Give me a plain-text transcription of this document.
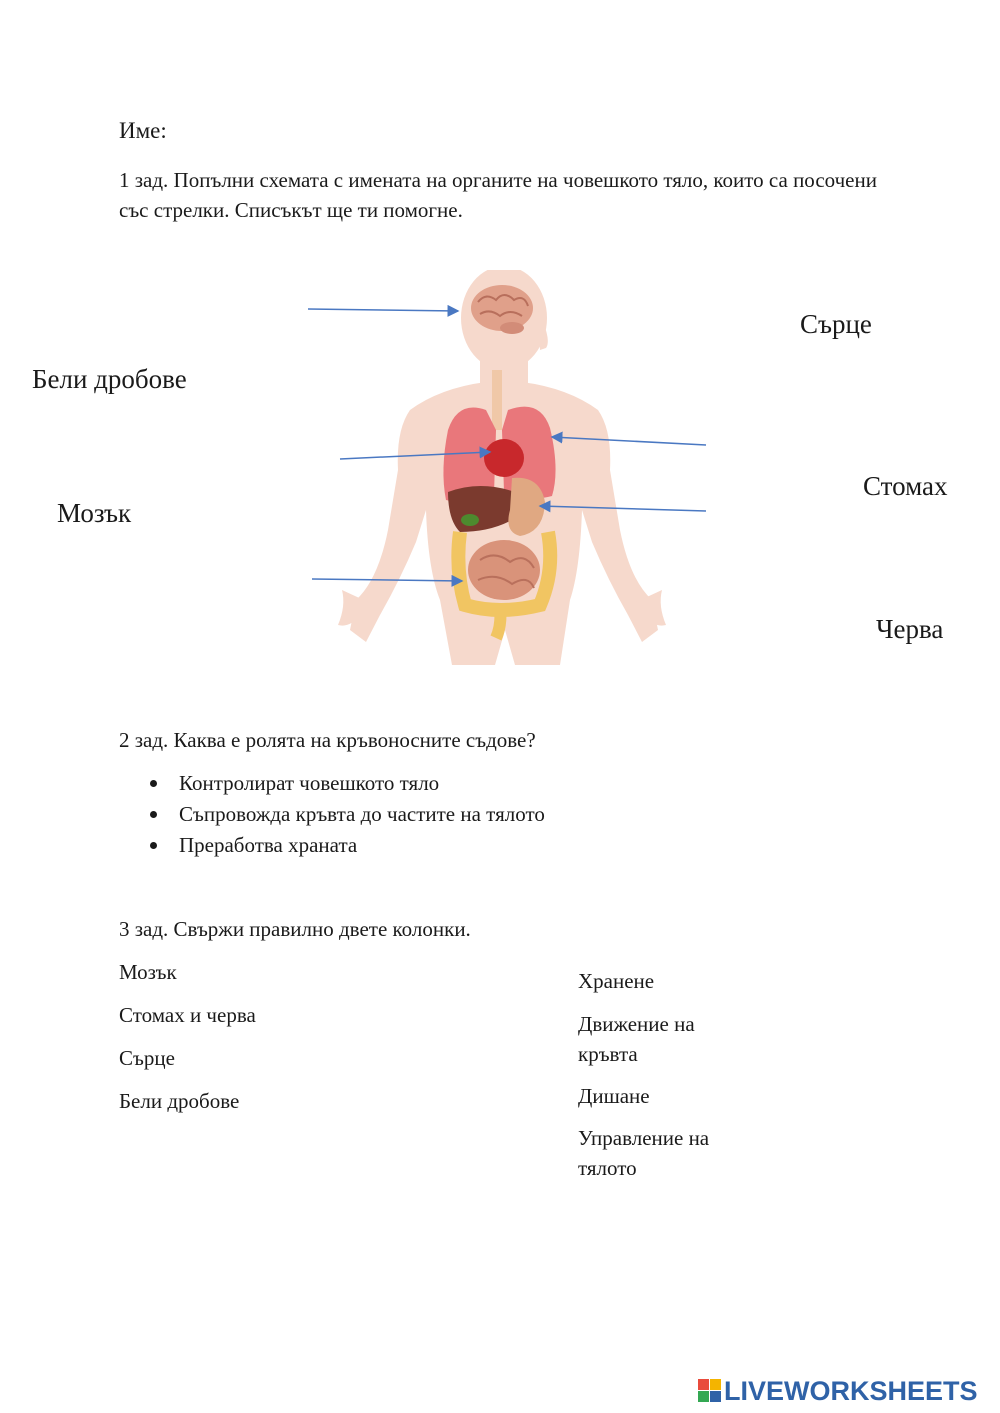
Име:
1 зад. Попълни схемата с имената на органите на човешкото тяло, които са посочени със стрелки. Списъкът ще ти помогне.
Сърце
Бели дробове
Стомах
Мозък
Черва
2 зад. Каква е ролята на кръвоносните съдове?
Контролират човешкото тяло
Съпровожда кръвта до частите на тялото
Преработва храната
3 зад. Свържи правилно двете колонки.
Мозък
Стомах и черва
Сърце
Бели дробове
Хранене
Движение на кръвта
Дишане
Управление на тялото
LIVEWORKSHEETS
